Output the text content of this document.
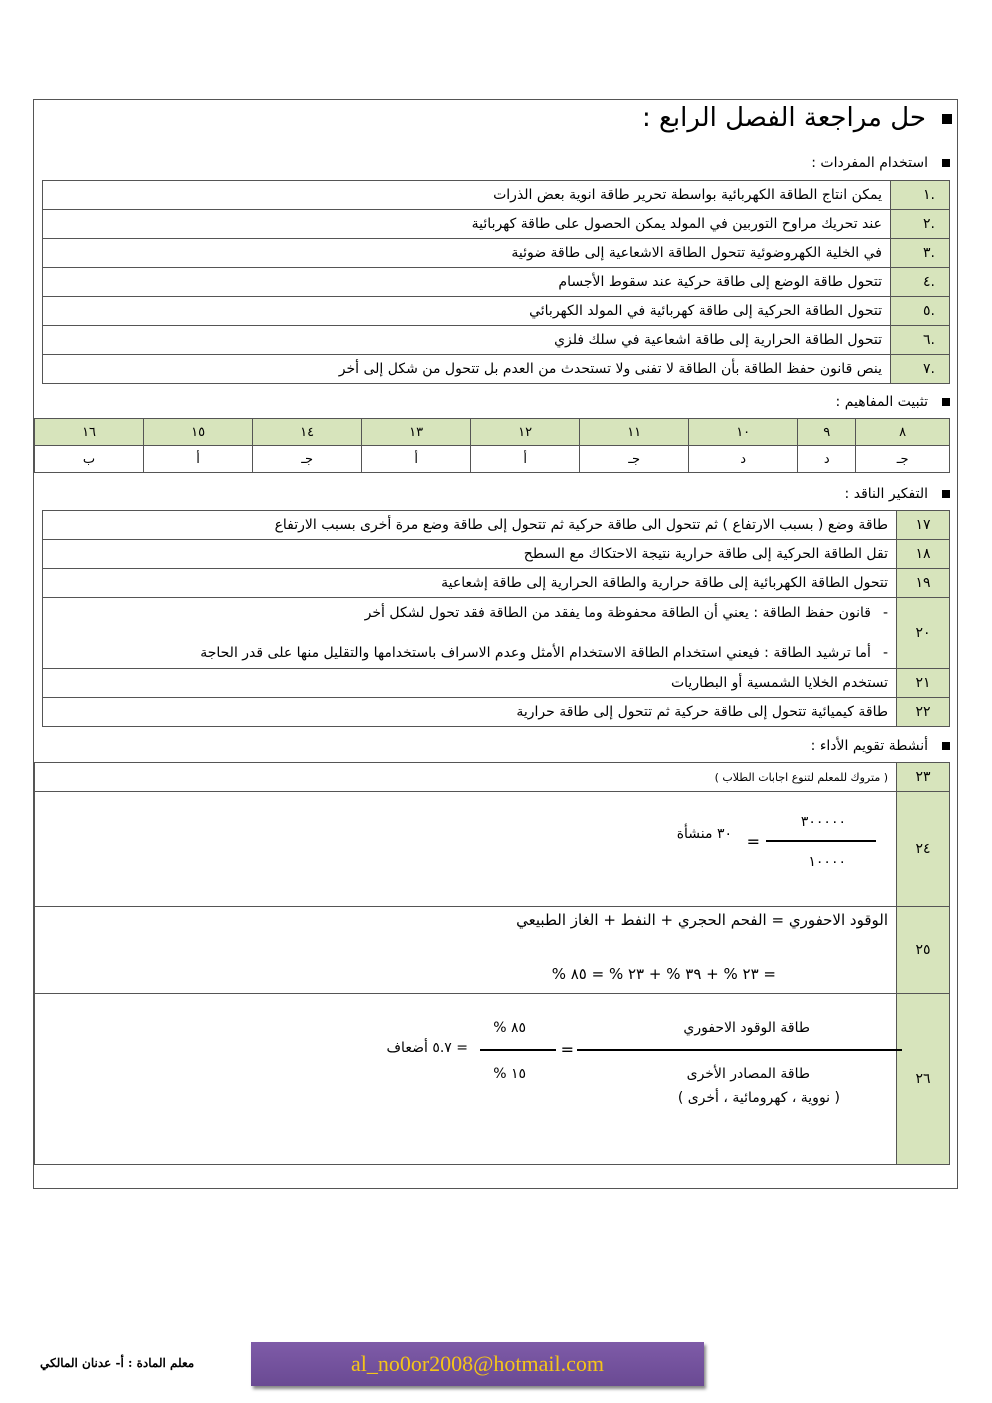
حل مراجعة الفصل الرابع :
استخدام المفردات :
.١	يمكن انتاج الطاقة الكهربائية بواسطة تحرير طاقة انوية بعض الذرات
.٢	عند تحريك مراوح التوربين في المولد يمكن الحصول على طاقة كهربائية
.٣	في الخلية الكهروضوئية تتحول الطاقة الاشعاعية إلى طاقة ضوئية
.٤	تتحول طاقة الوضع إلى طاقة حركية عند سقوط الأجسام
.٥	تتحول الطاقة الحركية إلى طاقة كهربائية في المولد الكهربائي
.٦	تتحول الطاقة الحرارية إلى طاقة اشعاعية في سلك فلزي
.٧	ينص قانون حفظ الطاقة بأن الطاقة لا تفنى ولا تستحدث من العدم بل تتحول من شكل إلى أخر
تثبيت المفاهيم :
٨	٩	١٠	١١	١٢	١٣	١٤	١٥	١٦
جـ	د	د	جـ	أ	أ	جـ	أ	ب
التفكير الناقد :
١٧	طاقة وضع ( بسبب الارتفاع ) ثم تتحول الى طاقة حركية ثم تتحول إلى طاقة وضع مرة أخرى بسبب الارتفاع
١٨	تقل الطاقة الحركية إلى طاقة حرارية نتيجة الاحتكاك مع السطح
١٩	تتحول الطاقة الكهربائية إلى طاقة حرارية والطاقة الحرارية إلى طاقة إشعاعية
٢٠	-قانون حفظ الطاقة : يعني أن الطاقة محفوظة وما يفقد من الطاقة فقد تحول لشكل أخر
-أما ترشيد الطاقة : فيعني استخدام الطاقة الاستخدام الأمثل وعدم الاسراف باستخدامها والتقليل منها على قدر الحاجة

٢١	تستخدم الخلايا الشمسية أو البطاريات
٢٢	طاقة كيميائية تتحول إلى طاقة حركية ثم تتحول إلى طاقة حرارية
أنشطة تقويم الأداء :
٢٣	( متروك للمعلم لتنوع اجابات الطلاب )
٢٤	٣٠٠٠٠٠
١٠٠٠٠
=
٣٠ منشأة

٢٥	الوقود الاحفوري = الفحم الحجري + النفط + الغاز الطبيعي
= ٢٣ % + ٣٩ % + ٢٣ % = ٨٥ %

٢٦	
طاقة الوقود الاحفوري
طاقة المصادر الأخرى
( نووية ، كهرومائية ، أخرى )
=
٨٥ %
١٥ %
= ٥.٧ أضعاف
معلم المادة : أ- عدنان المالكي	al_no0or2008@hotmail.com
